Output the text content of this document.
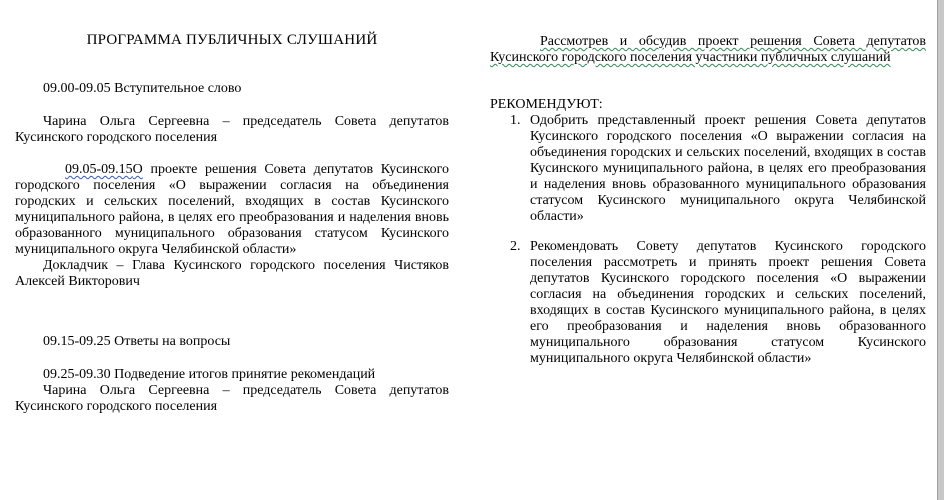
ПРОГРАММА ПУБЛИЧНЫХ СЛУШАНИЙ

09.00-09.05 Вступительное слово

Чарина Ольга Сергеевна – председатель Совета депутатов Кусинского городского поселения

09.05-09.15О проекте решения Совета депутатов Кусинского городского поселения «О выражении согласия на объединения городских и сельских поселений, входящих в состав Кусинского муниципального района, в целях его преобразования и наделения вновь образованного муниципального образования статусом Кусинского муниципального округа Челябинской области»

Докладчик – Глава Кусинского городского поселения Чистяков Алексей Викторович

09.15-09.25 Ответы на вопросы

09.25-09.30 Подведение итогов принятие рекомендаций

Чарина Ольга Сергеевна – председатель Совета депутатов Кусинского городского поселения

Рассмотрев и обсудив проект решения Совета депутатов Кусинского городского поселения участники публичных слушаний

РЕКОМЕНДУЮТ:

1. Одобрить представленный проект решения Совета депутатов Кусинского городского поселения «О выражении согласия на объединения городских и сельских поселений, входящих в состав Кусинского муниципального района, в целях его преобразования и наделения вновь образованного муниципального образования статусом Кусинского муниципального округа Челябинской области»
2. Рекомендовать Совету депутатов Кусинского городского поселения рассмотреть и принять проект решения Совета депутатов Кусинского городского поселения «О выражении согласия на объединения городских и сельских поселений, входящих в состав Кусинского муниципального района, в целях его преобразования и наделения вновь образованного муниципального образования статусом Кусинского муниципального округа Челябинской области»
